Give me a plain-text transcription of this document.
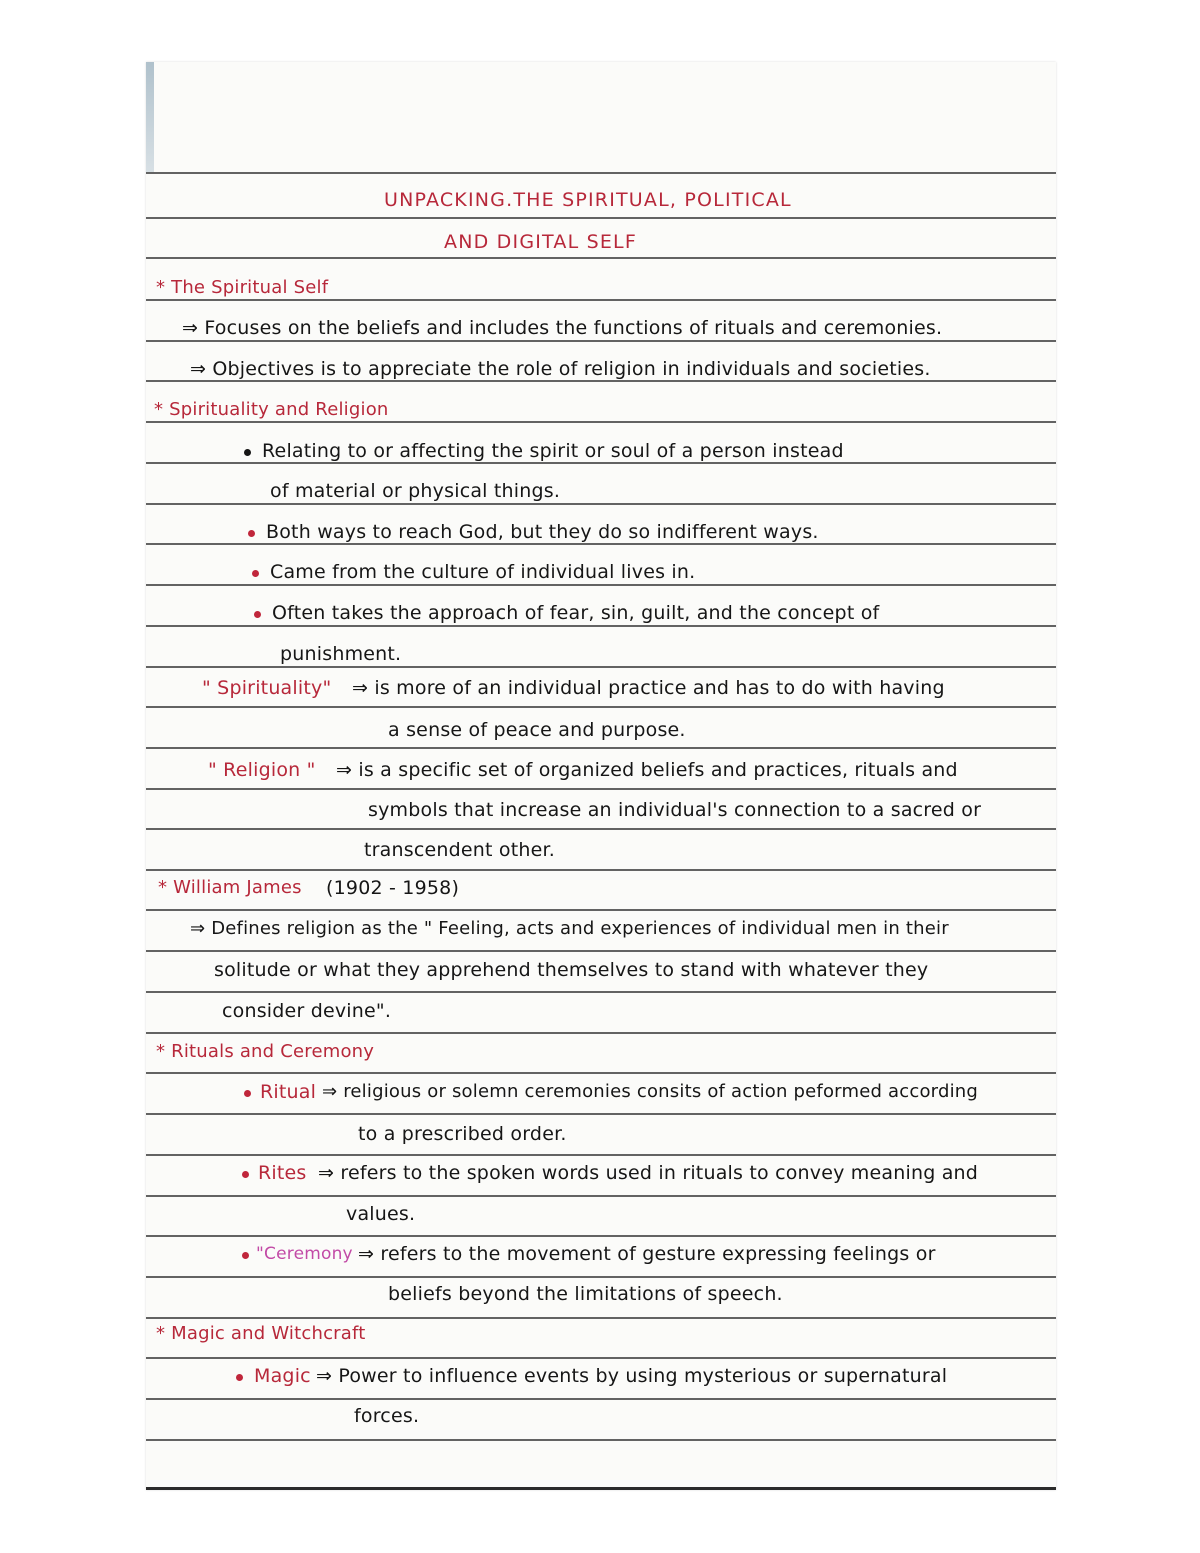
UNPACKING.THE SPIRITUAL, POLITICAL
AND DIGITAL SELF
* The Spiritual Self
⇒ Focuses on the beliefs and includes the functions of rituals and ceremonies.
⇒ Objectives is to appreciate the role of religion in individuals and societies.
* Spirituality and Religion
Relating to or affecting the spirit or soul of a person instead
of material or physical things.
Both ways to reach God, but they do so indifferent ways.
Came from the culture of individual lives in.
Often takes the approach of fear, sin, guilt, and the concept of
punishment.
" Spirituality" ⇒ is more of an individual practice and has to do with having
a sense of peace and purpose.
" Religion " ⇒ is a specific set of organized beliefs and practices, rituals and
symbols that increase an individual's connection to a sacred or
transcendent other.
* William James (1902 - 1958)
⇒ Defines religion as the " Feeling, acts and experiences of individual men in their
solitude or what they apprehend themselves to stand with whatever they
consider devine".
* Rituals and Ceremony
Ritual ⇒ religious or solemn ceremonies consits of action peformed according
to a prescribed order.
Rites ⇒ refers to the spoken words used in rituals to convey meaning and
values.
"Ceremony ⇒ refers to the movement of gesture expressing feelings or
beliefs beyond the limitations of speech.
* Magic and Witchcraft
Magic ⇒ Power to influence events by using mysterious or supernatural
forces.
